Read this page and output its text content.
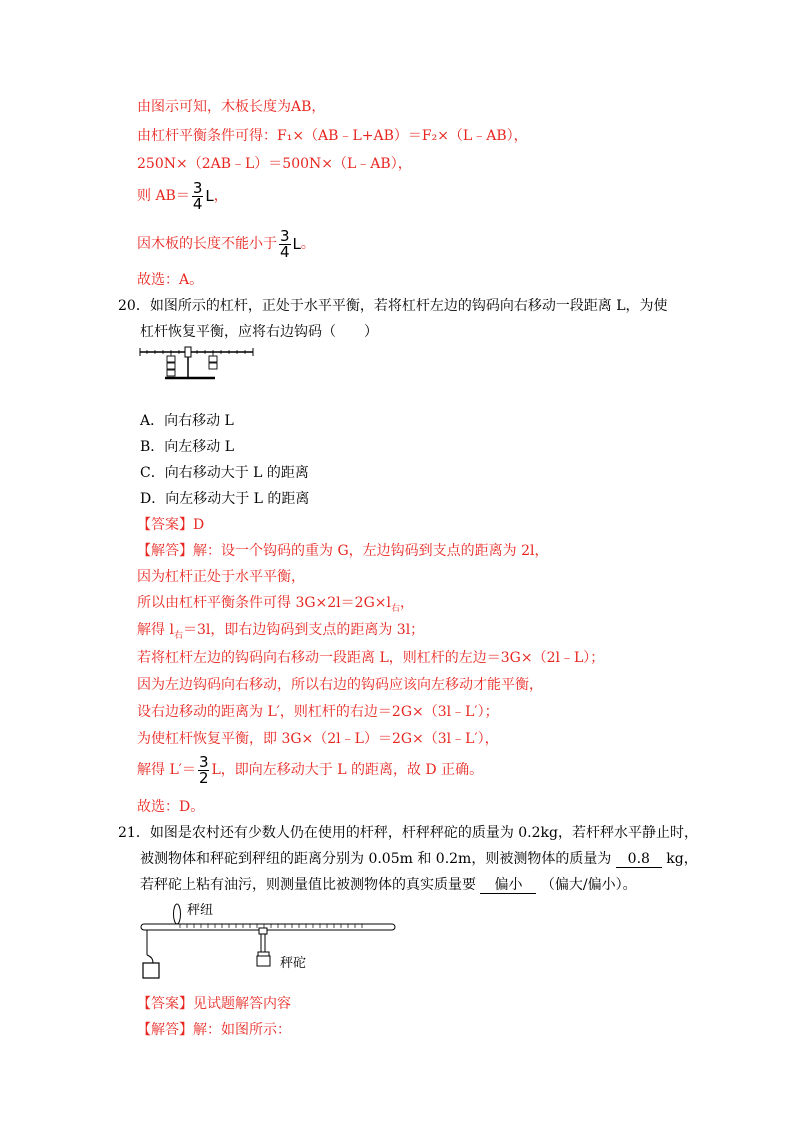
由图示可知，木板长度为AB，
由杠杆平衡条件可得：F₁×（AB﹣L+AB）＝F₂×（L﹣AB），
250N×（2AB﹣L）＝500N×（L﹣AB），
则 $AB= \frac{3}{4}$ L，
因木板的长度不能小于 $\frac{3}{4}$ L。
故选：A。
20．如图所示的杠杆，正处于水平平衡，若将杠杆左边的钩码向右移动一段距离 L，为使
杠杆恢复平衡，应将右边钩码（　　）
A．向右移动 L
B．向左移动 L
C．向右移动大于 L 的距离
D．向左移动大于 L 的距离
【答案】D
【解答】解：设一个钩码的重为 G，左边钩码到支点的距离为 2l，
因为杠杆正处于水平平衡，
所以由杠杆平衡条件可得 $3G\times 2l=2G\times l_右$，
解得 $l_右=3l$，即右边钩码到支点的距离为 3l；
若将杠杆左边的钩码向右移动一段距离 L，则杠杆的左边＝3G×（2l﹣L）；
因为左边钩码向右移动，所以右边的钩码应该向左移动才能平衡，
设右边移动的距离为 L′，则杠杆的右边＝2G×（3l﹣L′）；
为使杠杆恢复平衡，即 3G×（2l﹣L）＝2G×（3l﹣L′），
解得 $L'= \frac{3}{2}$ L，即向左移动大于 L 的距离，故 D 正确。
故选：D。
21．如图是农村还有少数人仍在使用的杆秤，杆秤秤砣的质量为 0.2kg，若杆秤水平静止时，
被测物体和秤砣到秤纽的距离分别为 0.05m 和 0.2m，则被测物体的质量为 0.8 kg，
若秤砣上粘有油污，则测量值比被测物体的真实质量要 偏小 （偏大/偏小）。
秤纽
秤砣
【答案】见试题解答内容
【解答】解：如图所示：
